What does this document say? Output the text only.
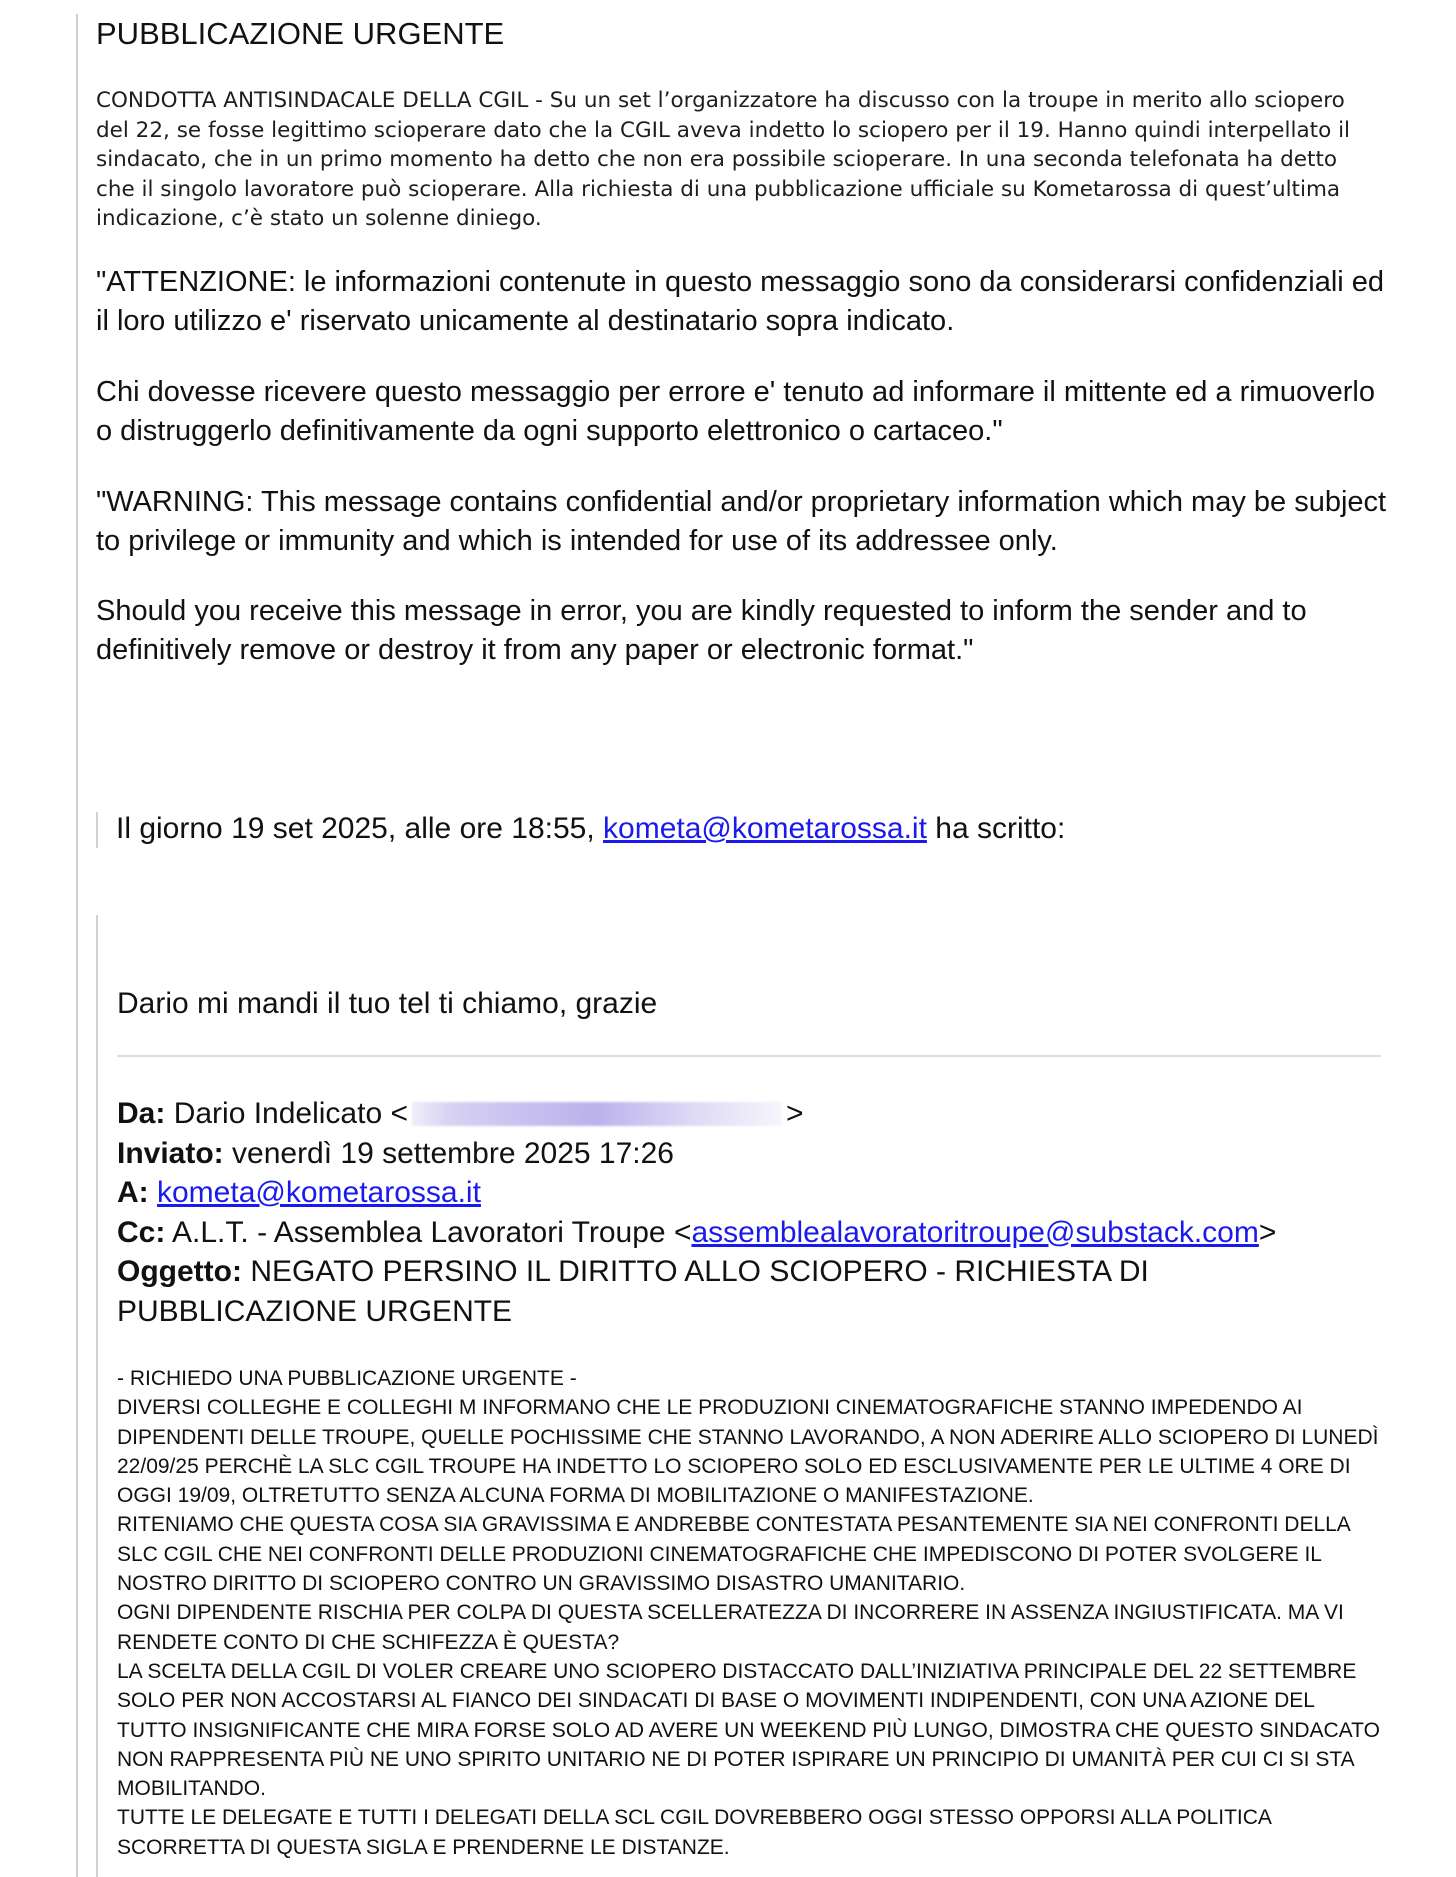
PUBBLICAZIONE URGENTE
CONDOTTA ANTISINDACALE DELLA CGIL - Su un set l’organizzatore ha discusso con la troupe in merito allo sciopero del 22, se fosse legittimo scioperare dato che la CGIL aveva indetto lo sciopero per il 19. Hanno quindi interpellato il sindacato, che in un primo momento ha detto che non era possibile scioperare. In una seconda telefonata ha detto che il singolo lavoratore può scioperare. Alla richiesta di una pubblicazione ufficiale su Kometarossa di quest’ultima indicazione, c’è stato un solenne diniego.
"ATTENZIONE: le informazioni contenute in questo messaggio sono da considerarsi confidenziali ed il loro utilizzo e' riservato unicamente al destinatario sopra indicato.
Chi dovesse ricevere questo messaggio per errore e' tenuto ad informare il mittente ed a rimuoverlo o distruggerlo definitivamente da ogni supporto elettronico o cartaceo."
"WARNING: This message contains confidential and/or proprietary information which may be subject to privilege or immunity and which is intended for use of its addressee only.
Should you receive this message in error, you are kindly requested to inform the sender and to definitively remove or destroy it from any paper or electronic format."
Il giorno 19 set 2025, alle ore 18:55, kometa@kometarossa.it ha scritto:
Dario mi mandi il tuo tel ti chiamo, grazie
Da: Dario Indelicato <	>
Inviato: venerdì 19 settembre 2025 17:26
A: kometa@kometarossa.it
Cc: A.L.T. - Assemblea Lavoratori Troupe <assemblealavoratoritroupe@substack.com>
Oggetto: NEGATO PERSINO IL DIRITTO ALLO SCIOPERO - RICHIESTA DI PUBBLICAZIONE URGENTE

- RICHIEDO UNA PUBBLICAZIONE URGENTE -

DIVERSI COLLEGHE E COLLEGHI M INFORMANO CHE LE PRODUZIONI CINEMATOGRAFICHE STANNO IMPEDENDO AI DIPENDENTI DELLE TROUPE, QUELLE POCHISSIME CHE STANNO LAVORANDO, A NON ADERIRE ALLO SCIOPERO DI LUNEDÌ 22/09/25 PERCHÈ LA SLC CGIL TROUPE HA INDETTO LO SCIOPERO SOLO ED ESCLUSIVAMENTE PER LE ULTIME 4 ORE DI OGGI 19/09, OLTRETUTTO SENZA ALCUNA FORMA DI MOBILITAZIONE O MANIFESTAZIONE.

RITENIAMO CHE QUESTA COSA SIA GRAVISSIMA E ANDREBBE CONTESTATA PESANTEMENTE SIA NEI CONFRONTI DELLA SLC CGIL CHE NEI CONFRONTI DELLE PRODUZIONI CINEMATOGRAFICHE CHE IMPEDISCONO DI POTER SVOLGERE IL NOSTRO DIRITTO DI SCIOPERO CONTRO UN GRAVISSIMO DISASTRO UMANITARIO.

OGNI DIPENDENTE RISCHIA PER COLPA DI QUESTA SCELLERATEZZA DI INCORRERE IN ASSENZA INGIUSTIFICATA. MA VI RENDETE CONTO DI CHE SCHIFEZZA È QUESTA?

LA SCELTA DELLA CGIL DI VOLER CREARE UNO SCIOPERO DISTACCATO DALL’INIZIATIVA PRINCIPALE DEL 22 SETTEMBRE SOLO PER NON ACCOSTARSI AL FIANCO DEI SINDACATI DI BASE O MOVIMENTI INDIPENDENTI, CON UNA AZIONE DEL TUTTO INSIGNIFICANTE CHE MIRA FORSE SOLO AD AVERE UN WEEKEND PIÙ LUNGO, DIMOSTRA CHE QUESTO SINDACATO NON RAPPRESENTA PIÙ NE UNO SPIRITO UNITARIO NE DI POTER ISPIRARE UN PRINCIPIO DI UMANITÀ PER CUI CI SI STA MOBILITANDO.

TUTTE LE DELEGATE E TUTTI I DELEGATI DELLA SCL CGIL DOVREBBERO OGGI STESSO OPPORSI ALLA POLITICA SCORRETTA DI QUESTA SIGLA E PRENDERNE LE DISTANZE.
